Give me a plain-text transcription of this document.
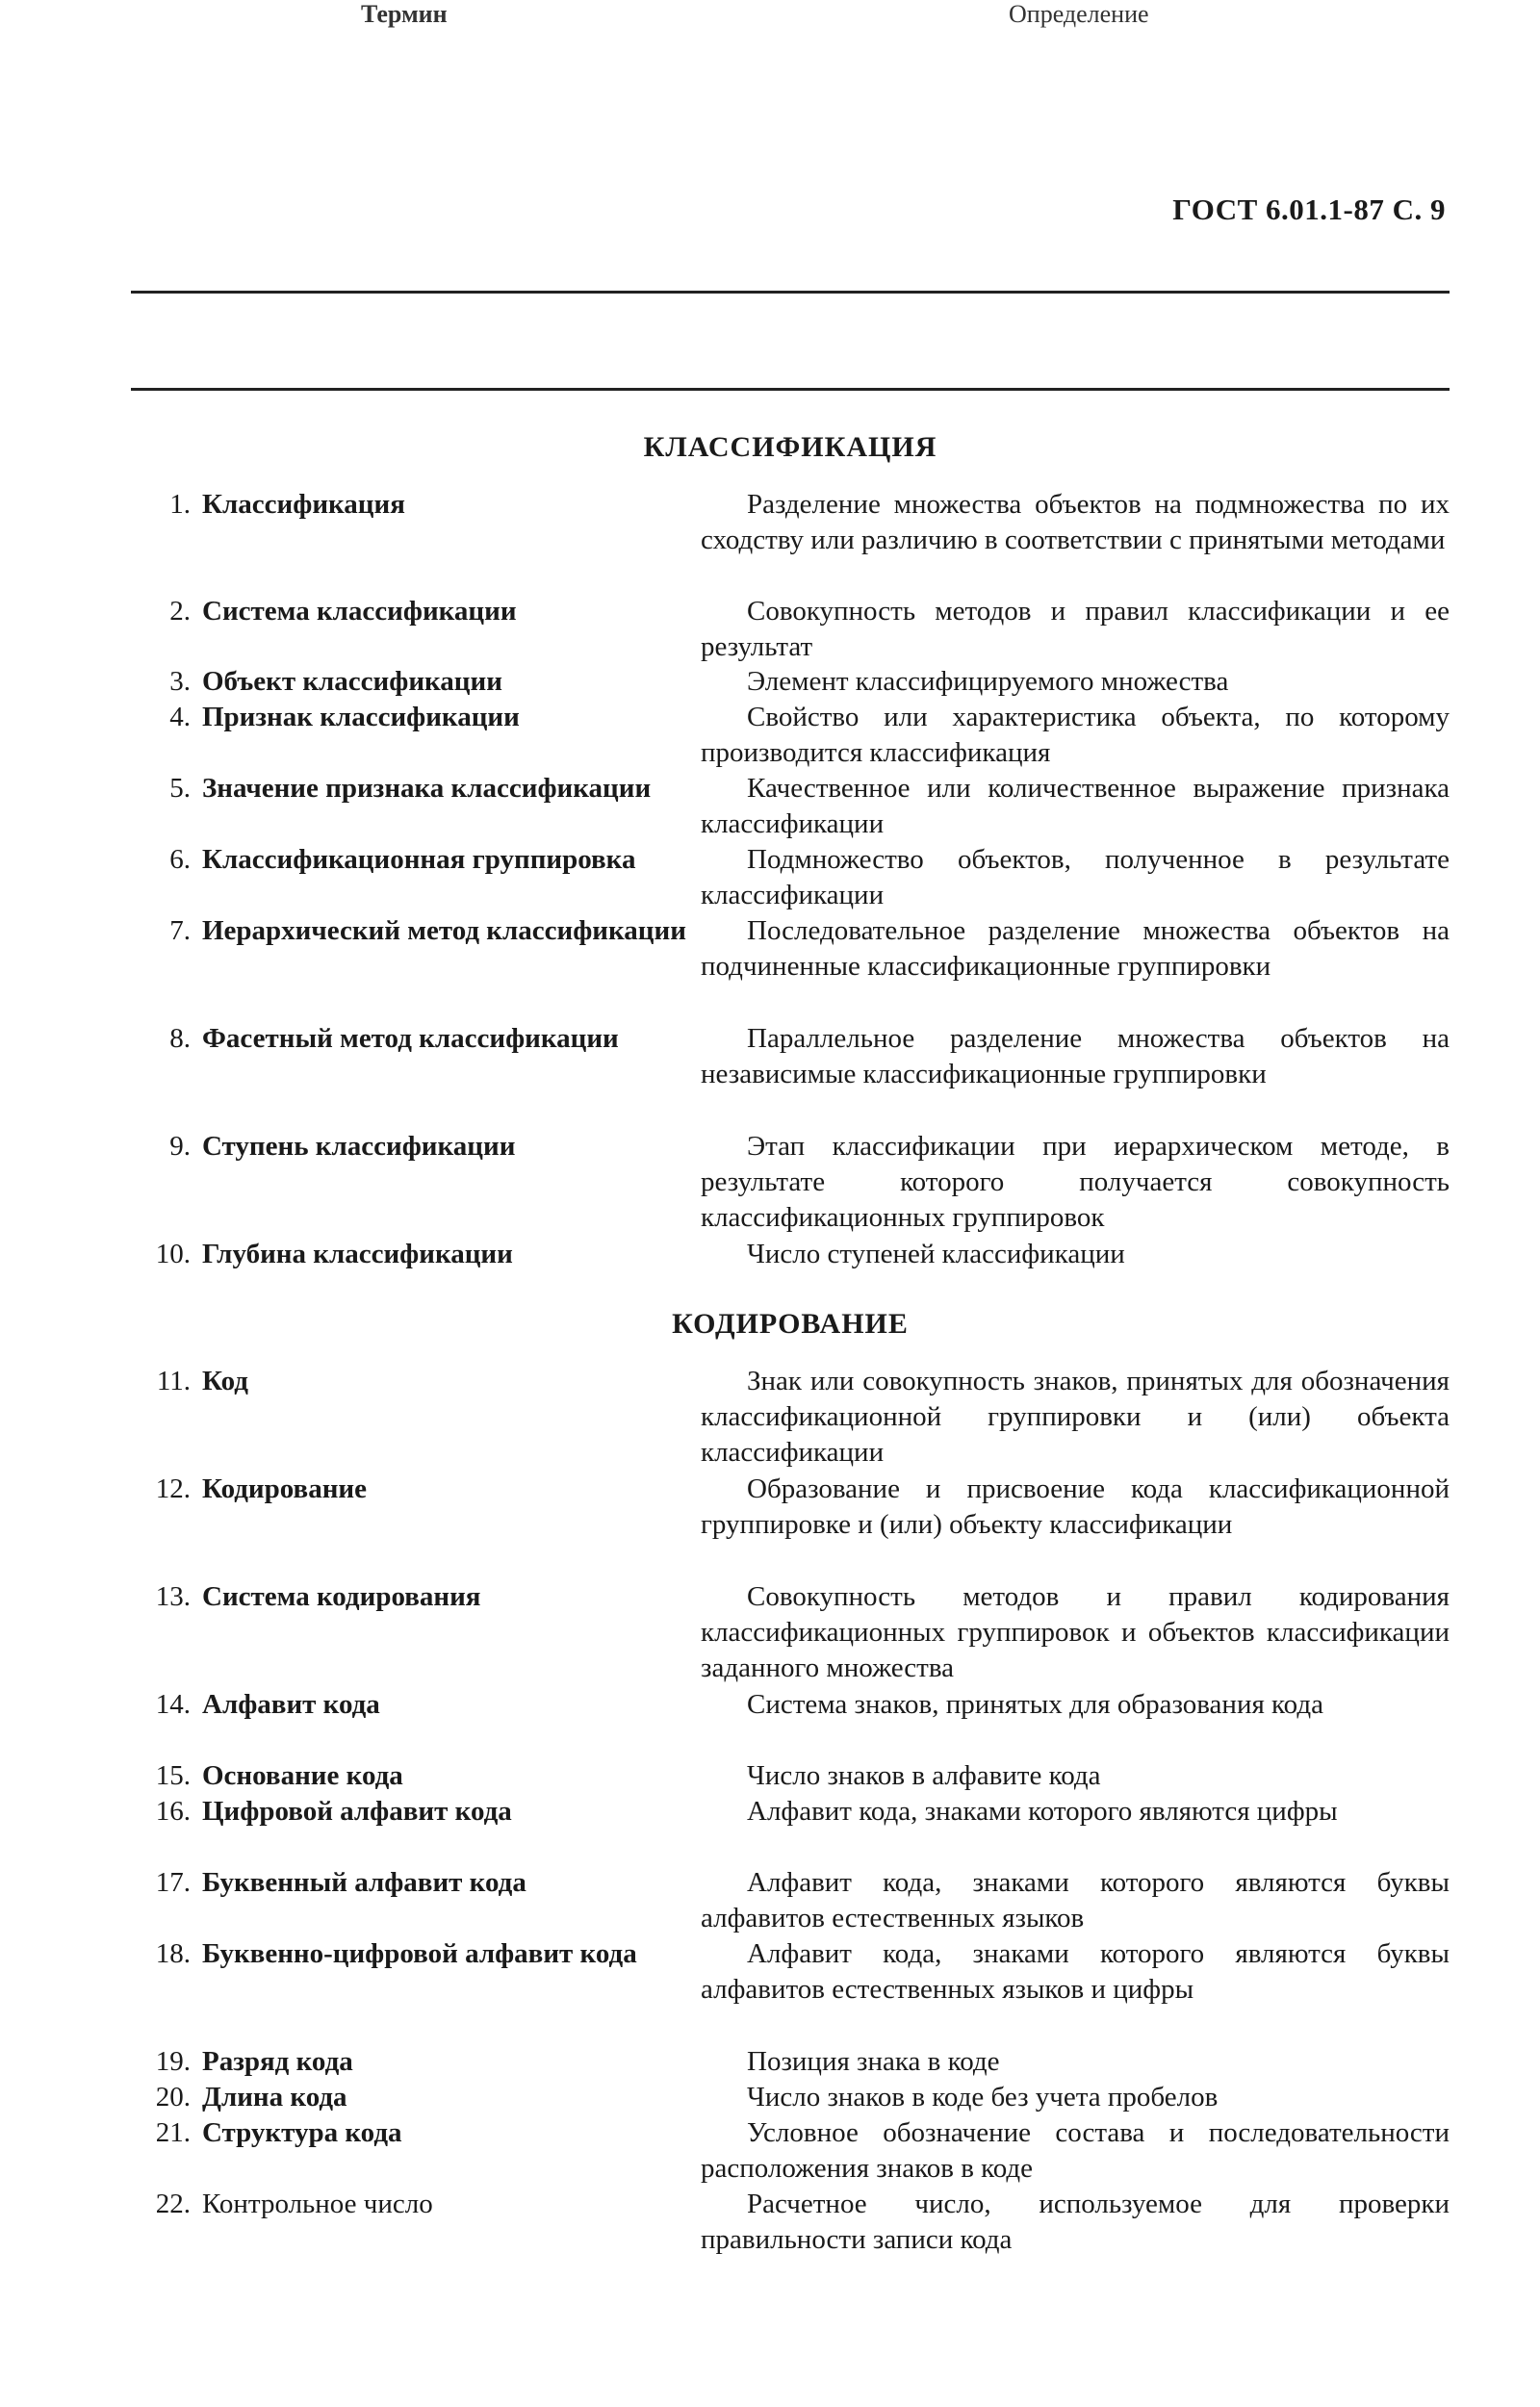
ГОСТ 6.01.1-87 С. 9
Термин	Определение
КЛАССИФИКАЦИЯ
1. Классификация	Разделение множества объектов на подмножества по их сходству или различию в соответствии с принятыми методами
2. Система классификации	Совокупность методов и правил классификации и ее результат
3. Объект классификации	Элемент классифицируемого множества
4. Признак классификации	Свойство или характеристика объекта, по которому производится классификация
5. Значение признака классификации	Качественное или количественное выражение признака классификации
6. Классификационная группировка	Подмножество объектов, полученное в результате классификации
7. Иерархический метод классификации	Последовательное разделение множества объектов на подчиненные классификационные группировки
8. Фасетный метод классификации	Параллельное разделение множества объектов на независимые классификационные группировки
9. Ступень классификации	Этап классификации при иерархическом методе, в результате которого получается совокупность классификационных группировок
10. Глубина классификации	Число ступеней классификации
КОДИРОВАНИЕ
11. Код	Знак или совокупность знаков, принятых для обозначения классификационной группировки и (или) объекта классификации
12. Кодирование	Образование и присвоение кода классификационной группировке и (или) объекту классификации
13. Система кодирования	Совокупность методов и правил кодирования классификационных группировок и объектов классификации заданного множества
14. Алфавит кода	Система знаков, принятых для образования кода
15. Основание кода	Число знаков в алфавите кода
16. Цифровой алфавит кода	Алфавит кода, знаками которого являются цифры
17. Буквенный алфавит кода	Алфавит кода, знаками которого являются буквы алфавитов естественных языков
18. Буквенно-цифровой алфавит кода	Алфавит кода, знаками которого являются буквы алфавитов естественных языков и цифры
19. Разряд кода	Позиция знака в коде
20. Длина кода	Число знаков в коде без учета пробелов
21. Структура кода	Условное обозначение состава и последовательности расположения знаков в коде
22. Контрольное число	Расчетное число, используемое для проверки правильности записи кода
